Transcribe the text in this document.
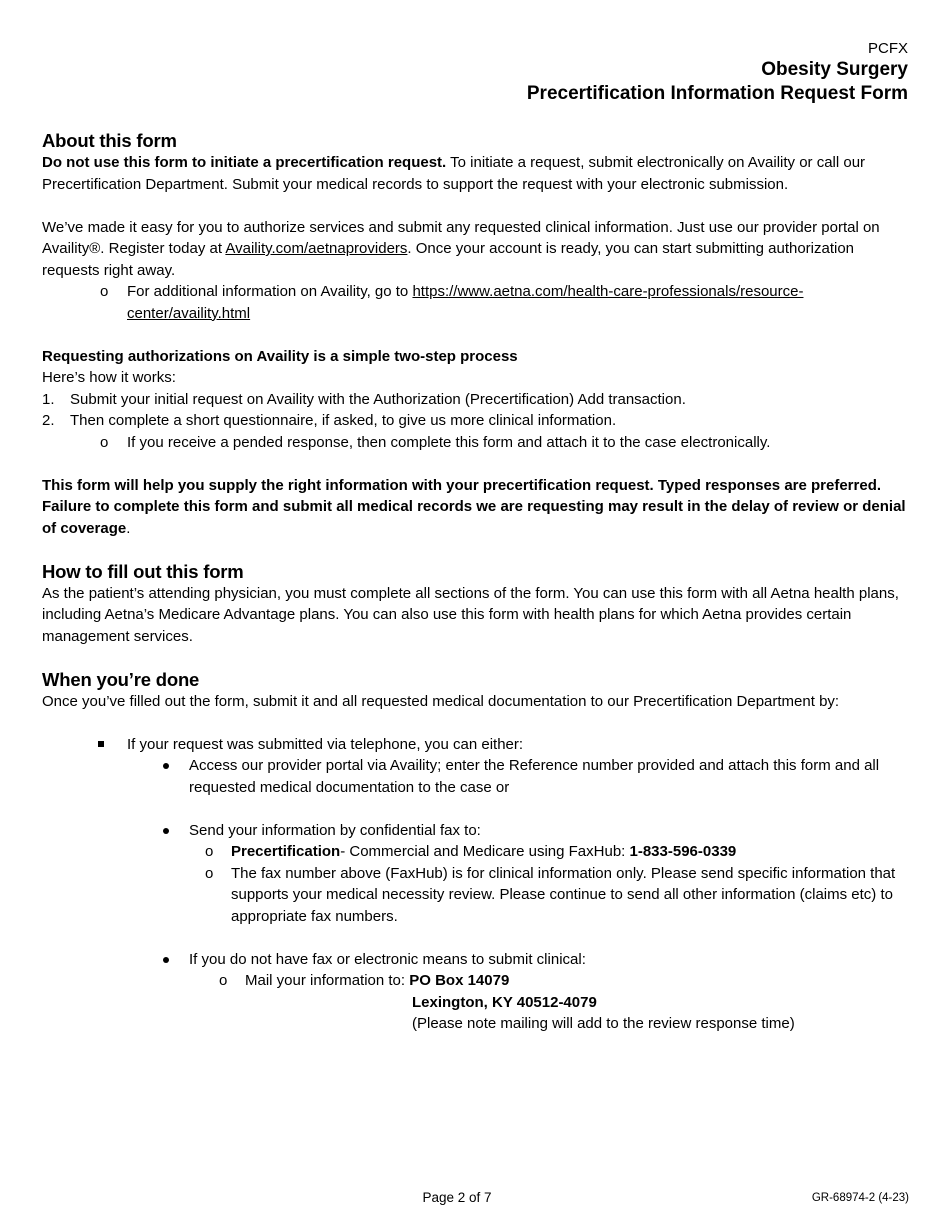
PCFX
Obesity Surgery
Precertification Information Request Form
About this form

Do not use this form to initiate a precertification request. To initiate a request, submit electronically on Availity or call our Precertification Department. Submit your medical records to support the request with your electronic submission.

We’ve made it easy for you to authorize services and submit any requested clinical information. Just use our provider portal on Availity®. Register today at Availity.com/aetnaproviders. Once your account is ready, you can start submitting authorization requests right away.

o For additional information on Availity, go to https://www.aetna.com/health-care-professionals/resource-center/availity.html

Requesting authorizations on Availity is a simple two-step process

Here’s how it works:

1. Submit your initial request on Availity with the Authorization (Precertification) Add transaction.
2. Then complete a short questionnaire, if asked, to give us more clinical information.
o If you receive a pended response, then complete this form and attach it to the case electronically.

This form will help you supply the right information with your precertification request. Typed responses are preferred. Failure to complete this form and submit all medical records we are requesting may result in the delay of review or denial of coverage.

How to fill out this form

As the patient’s attending physician, you must complete all sections of the form. You can use this form with all Aetna health plans, including Aetna’s Medicare Advantage plans. You can also use this form with health plans for which Aetna provides certain management services.

When you’re done

Once you’ve filled out the form, submit it and all requested medical documentation to our Precertification Department by:

If your request was submitted via telephone, you can either:
Access our provider portal via Availity; enter the Reference number provided and attach this form and all requested medical documentation to the case or
Send your information by confidential fax to:
o Precertification- Commercial and Medicare using FaxHub: 1-833-596-0339
o The fax number above (FaxHub) is for clinical information only. Please send specific information that supports your medical necessity review. Please continue to send all other information (claims etc) to appropriate fax numbers.
If you do not have fax or electronic means to submit clinical:
o Mail your information to: PO Box 14079
Lexington, KY 40512-4079
(Please note mailing will add to the review response time)
Page 2 of 7	GR-68974-2 (4-23)
